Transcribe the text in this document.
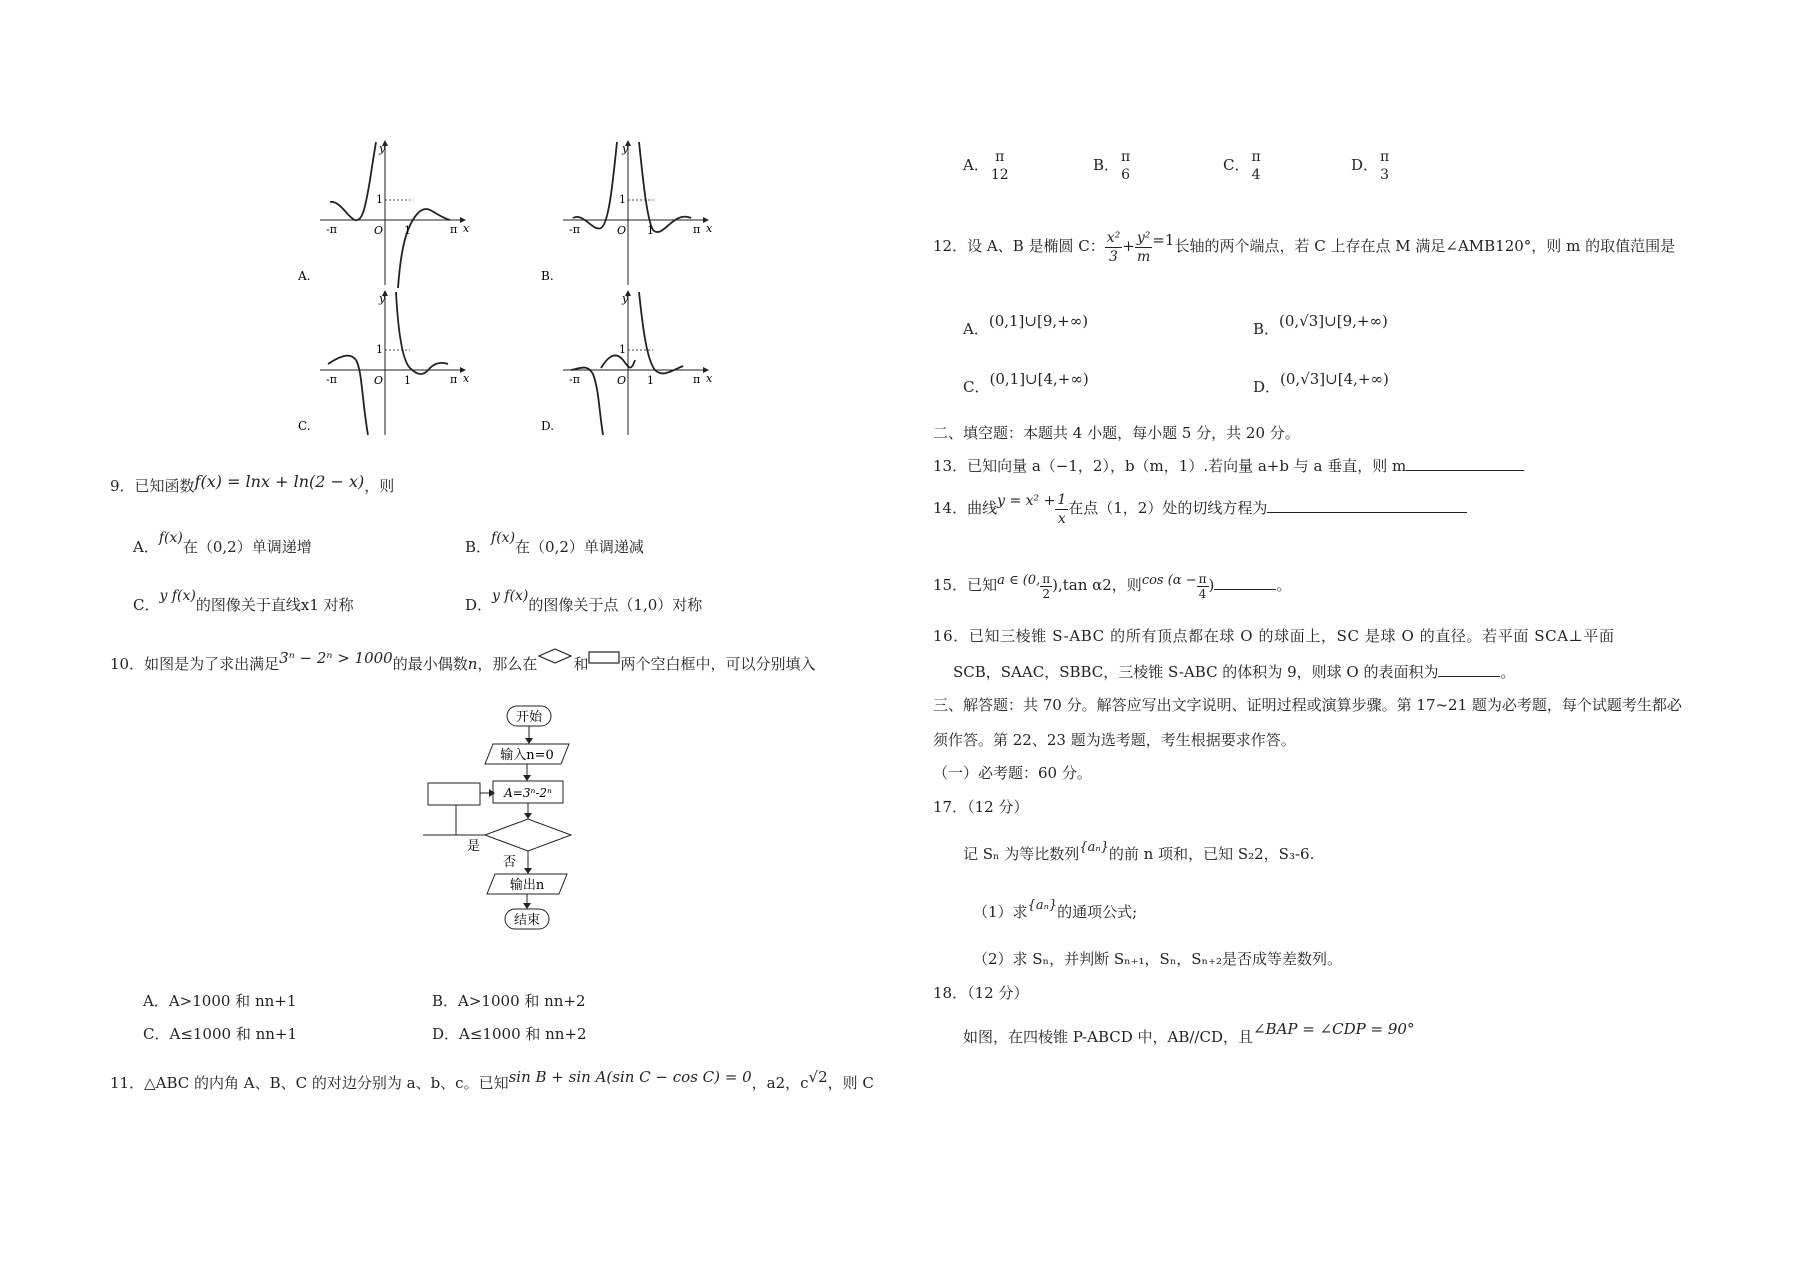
y
x
-π	O 1	π
1
A.
y
x
-π	O 1	π
1
B.
y
x
-π	O 1	π
1
C.
y
x
-π	O 1	π
1
D.
9．已知函数f(x) = lnx + ln(2 − x)，则
A．f(x)在（0,2）单调递增	B．f(x)在（0,2）单调递减
C．y f(x)的图像关于直线x1 对称	D．y f(x)的图像关于点（1,0）对称
10．如图是为了求出满足3ⁿ − 2ⁿ > 1000的最小偶数n，那么在 和 两个空白框中，可以分别填入
开始
输入n=0
A=3ⁿ-2ⁿ
是
否
输出n
结束
A．A>1000 和 nn+1	B．A>1000 和 nn+2
C．A≤1000 和 nn+1	D．A≤1000 和 nn+2
11．△ABC 的内角 A、B、C 的对边分别为 a、b、c。已知sin B + sin A(sin C − cos C) = 0，a2，c√2，则 C
A． π
12
B． π
6
C． π
4
D． π
3
12．设 A、B 是椭圆 C： $\frac{\text{x²}}{3} + \frac{\text{y²}}{m} =1$长轴的两个端点，若 C 上存在点 M 满足∠AMB120°，则 m 的取值范围是
A．(0,1]∪[9,+∞)	B．(0,√3]∪[9,+∞)
C．(0,1]∪[4,+∞)	D．(0,√3]∪[4,+∞)
二、填空题：本题共 4 小题，每小题 5 分，共 20 分。
13．已知向量 a（−1，2），b（m，1）.若向量 a+b 与 a 垂直，则 m
14．曲线$y = x^2 + \frac{1}{x}$ 在点（1，2）处的切线方程为
15．已知a ∈ (0, $\frac{\pi}{2} ),\tan$ α2，则$\cos (\alpha - \frac{\pi}{4}$ )	。
16．已知三棱锥 S-ABC 的所有顶点都在球 O 的球面上，SC 是球 O 的直径。若平面 SCA⊥平面
SCB，SAAC，SBBC，三棱锥 S-ABC 的体积为 9，则球 O 的表面积为	。
三、解答题：共 70 分。解答应写出文字说明、证明过程或演算步骤。第 17~21 题为必考题，每个试题考生都必
须作答。第 22、23 题为选考题，考生根据要求作答。
（一）必考题：60 分。
17．（12 分）
记 Sₙ 为等比数列{aₙ}的前 n 项和，已知 S₂2，S₃-6.
（1）求{aₙ}的通项公式;
（2）求 Sₙ，并判断 Sₙ₊₁，Sₙ，Sₙ₊₂是否成等差数列。
18．（12 分）
如图，在四棱锥 P-ABCD 中，AB//CD，且∠BAP = ∠CDP = 90°
